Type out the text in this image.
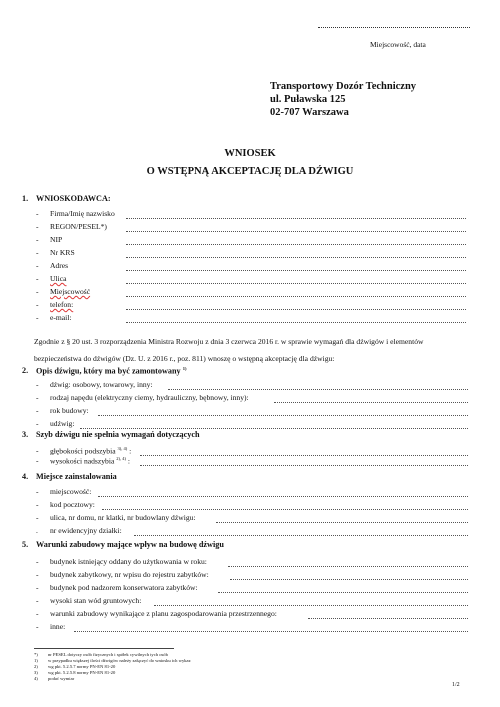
Miejscowość, data
Transportowy Dozór Techniczny
ul. Puławska 125
02-707 Warszawa
WNIOSEK
O WSTĘPNĄ AKCEPTACJĘ DLA DŹWIGU
1. WNIOSKODAWCA:
- Firma/Imię nazwisko
- REGON/PESEL*)
- NIP
- Nr KRS
- Adres
- Ulica
- Miejscowość
- telefon:
- e-mail:
Zgodnie z § 20 ust. 3 rozporządzenia Ministra Rozwoju z dnia 3 czerwca 2016 r. w sprawie wymagań dla dźwigów i elementów bezpieczeństwa do dźwigów (Dz. U. z 2016 r., poz. 811) wnoszę o wstępną akceptację dla dźwigu:
2. Opis dźwigu, który ma być zamontowany $^{1)}$
- dźwig: osobowy, towarowy, inny:
- rodzaj napędu (elektryczny ciemy, hydrauliczny, bębnowy, inny):
- rok budowy:
- udźwig:
3. Szyb dźwigu nie spełnia wymagań dotyczących
- głębokości podszybia $^{3), 4)}$ :
- wysokości nadszybia $^{2), 4)}$ :
4. Miejsce zainstalowania
- miejscowość:
- kod pocztowy:
- ulica, nr domu, nr klatki, nr budowlany dźwigu:
. nr ewidencyjny działki:
5. Warunki zabudowy mające wpływ na budowę dźwigu
- budynek istniejący oddany do użytkowania w roku:
- budynek zabytkowy, nr wpisu do rejestru zabytków:
- budynek pod nadzorem konserwatora zabytków:
- wysoki stan wód gruntowych:
- warunki zabudowy wynikające z planu zagospodarowania przestrzennego:
- inne:
*) nr PESEL dotyczy osób fizycznych i spółek cywilnych tych osób
1) w przypadku większej ilości dźwigów należy załączyć do wniosku ich wykaz
2) wg pkt. 5.2.5.7 normy PN-EN 81-20
3) wg pkt. 5.2.5.8 normy PN-EN 81-20
4) podać wymiar
1/2
